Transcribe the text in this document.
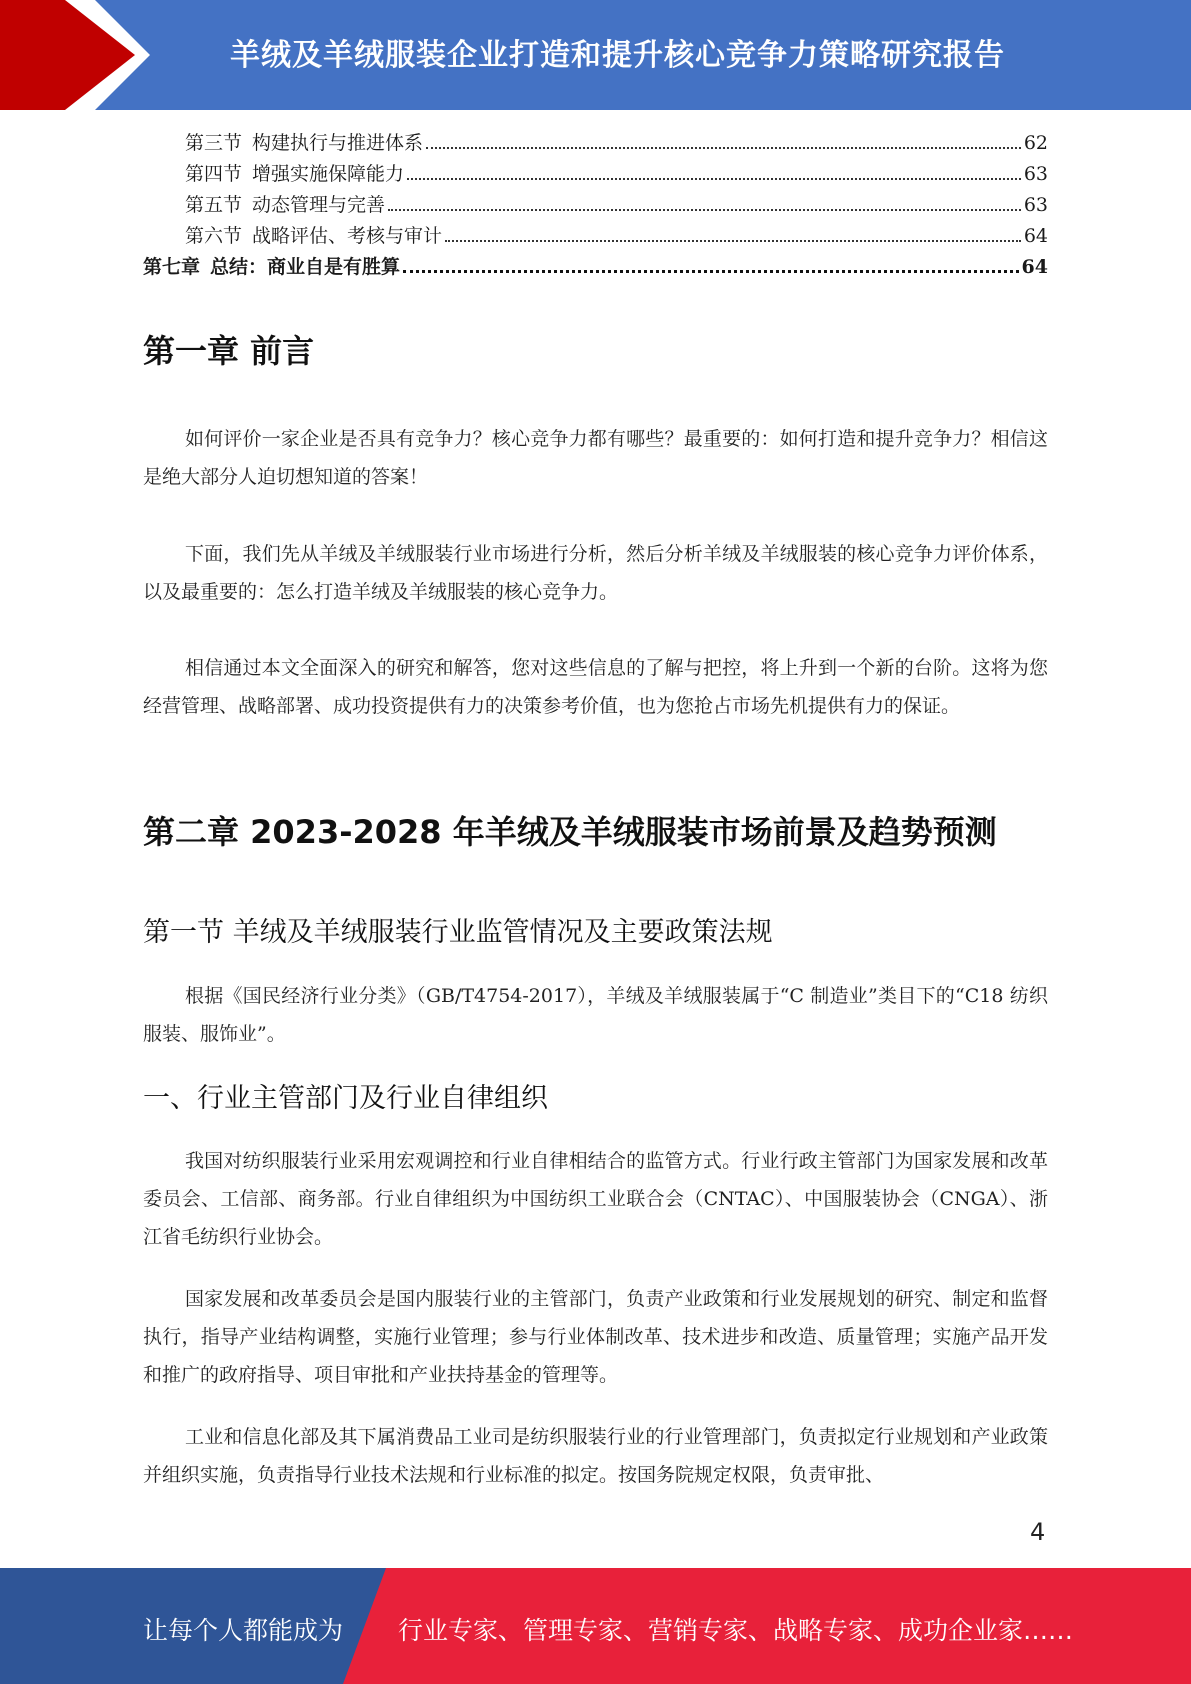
羊绒及羊绒服装企业打造和提升核心竞争力策略研究报告
第三节 构建执行与推进体系	62
第四节 增强实施保障能力	63
第五节 动态管理与完善	63
第六节 战略评估、考核与审计	64
第七章 总结：商业自是有胜算	64
第一章 前言
如何评价一家企业是否具有竞争力？核心竞争力都有哪些？最重要的：如何打造和提升竞争力？相信这是绝大部分人迫切想知道的答案！
下面，我们先从羊绒及羊绒服装行业市场进行分析，然后分析羊绒及羊绒服装的核心竞争力评价体系，以及最重要的：怎么打造羊绒及羊绒服装的核心竞争力。
相信通过本文全面深入的研究和解答，您对这些信息的了解与把控，将上升到一个新的台阶。这将为您经营管理、战略部署、成功投资提供有力的决策参考价值，也为您抢占市场先机提供有力的保证。
第二章 2023-2028 年羊绒及羊绒服装市场前景及趋势预测
第一节 羊绒及羊绒服装行业监管情况及主要政策法规
根据《国民经济行业分类》（GB/T4754-2017），羊绒及羊绒服装属于“C 制造业”类目下的“C18 纺织服装、服饰业”。
一、行业主管部门及行业自律组织
我国对纺织服装行业采用宏观调控和行业自律相结合的监管方式。行业行政主管部门为国家发展和改革委员会、工信部、商务部。行业自律组织为中国纺织工业联合会（CNTAC）、中国服装协会（CNGA）、浙江省毛纺织行业协会。
国家发展和改革委员会是国内服装行业的主管部门，负责产业政策和行业发展规划的研究、制定和监督执行，指导产业结构调整，实施行业管理；参与行业体制改革、技术进步和改造、质量管理；实施产品开发和推广的政府指导、项目审批和产业扶持基金的管理等。
工业和信息化部及其下属消费品工业司是纺织服装行业的行业管理部门，负责拟定行业规划和产业政策并组织实施，负责指导行业技术法规和行业标准的拟定。按国务院规定权限，负责审批、
4
让每个人都能成为 行业专家、管理专家、营销专家、战略专家、成功企业家……
